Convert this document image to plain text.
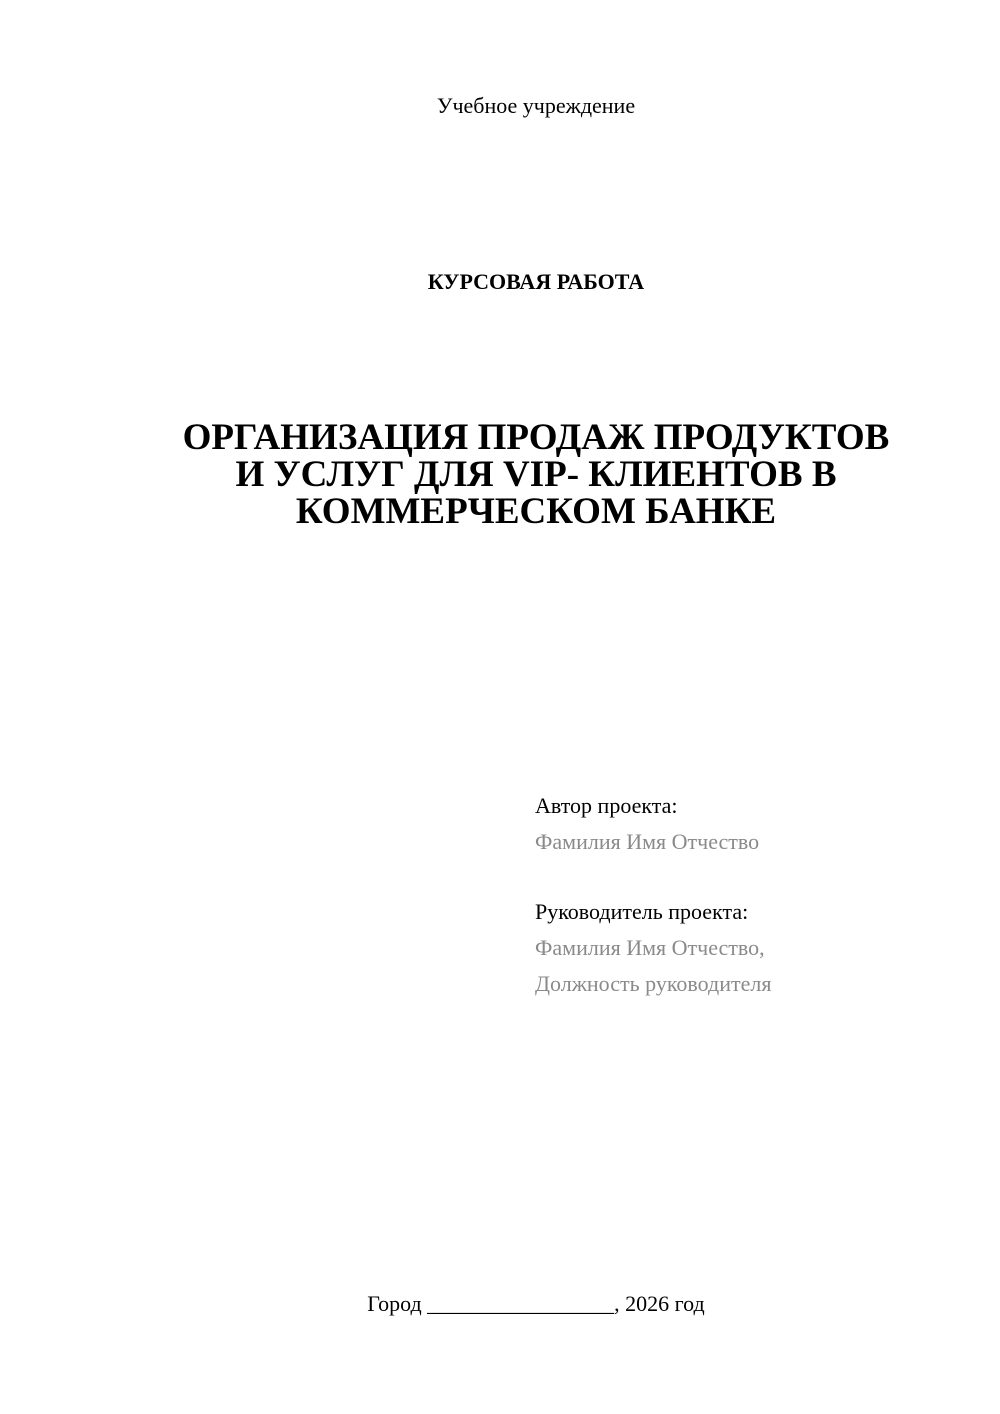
Учебное учреждение
КУРСОВАЯ РАБОТА
ОРГАНИЗАЦИЯ ПРОДАЖ ПРОДУКТОВ
И УСЛУГ ДЛЯ VIP- КЛИЕНТОВ В
КОММЕРЧЕСКОМ БАНКЕ
Автор проекта:
Фамилия Имя Отчество
Руководитель проекта:
Фамилия Имя Отчество,
Должность руководителя
Город _________________, 2026 год
